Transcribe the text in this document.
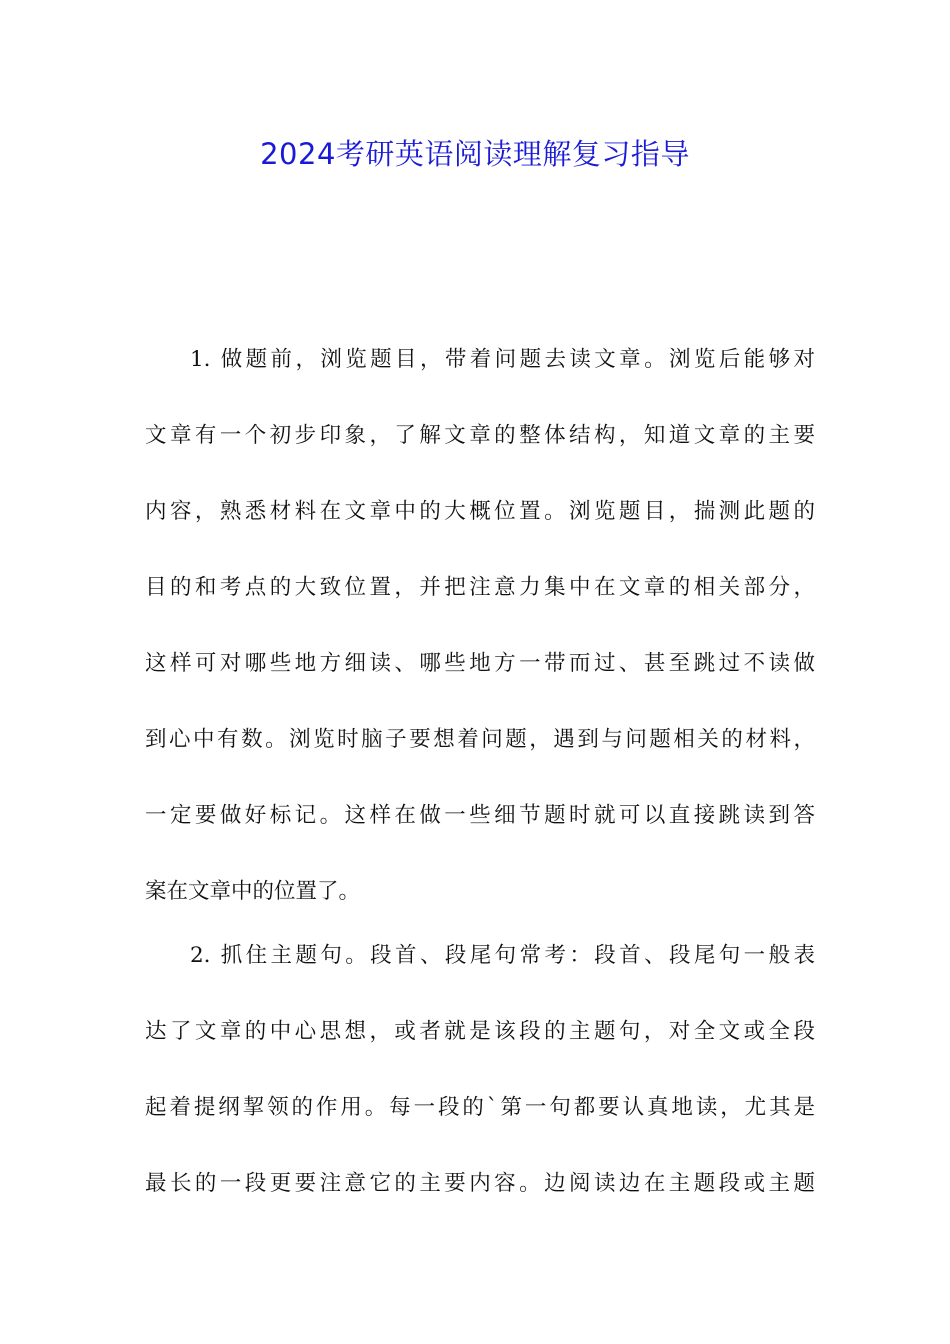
2024考研英语阅读理解复习指导
1. 做题前，浏览题目，带着问题去读文章。浏览后能够对
文章有一个初步印象，了解文章的整体结构，知道文章的主要
内容，熟悉材料在文章中的大概位置。浏览题目，揣测此题的
目的和考点的大致位置，并把注意力集中在文章的相关部分，
这样可对哪些地方细读、哪些地方一带而过、甚至跳过不读做
到心中有数。浏览时脑子要想着问题，遇到与问题相关的材料，
一定要做好标记。这样在做一些细节题时就可以直接跳读到答
案在文章中的位置了。
2. 抓住主题句。段首、段尾句常考：段首、段尾句一般表
达了文章的中心思想，或者就是该段的主题句，对全文或全段
起着提纲挈领的作用。每一段的`第一句都要认真地读，尤其是
最长的一段更要注意它的主要内容。边阅读边在主题段或主题
